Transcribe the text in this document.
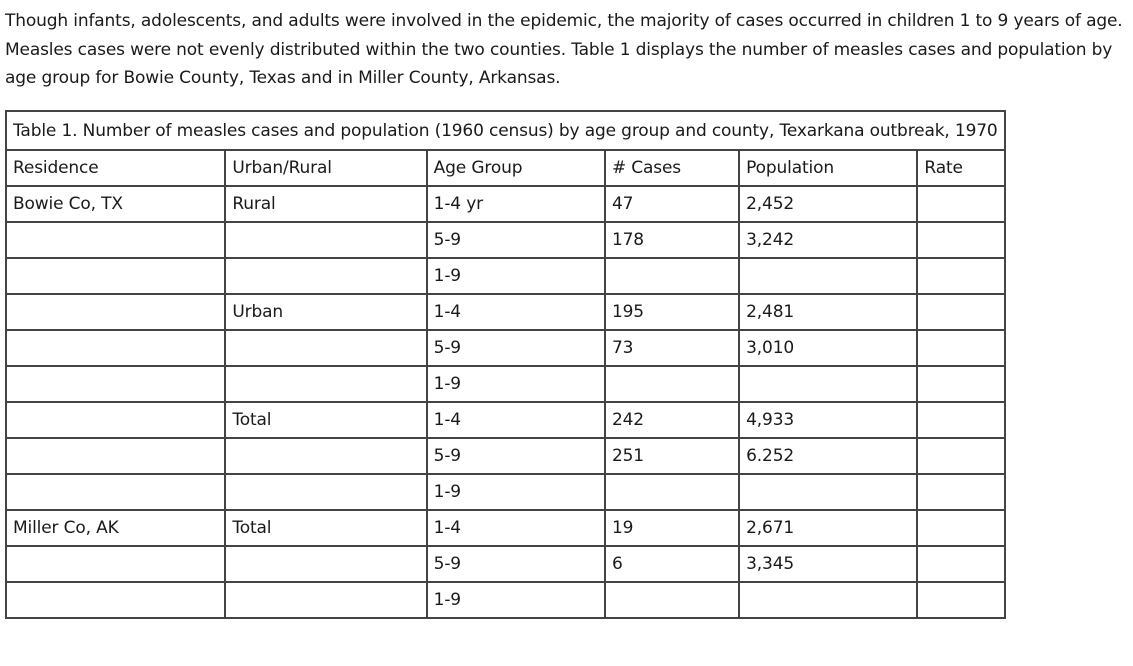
Though infants, adolescents, and adults were involved in the epidemic, the majority of cases occurred in children 1 to 9 years of age.

Measles cases were not evenly distributed within the two counties. Table 1 displays the number of measles cases and population by

age group for Bowie County, Texas and in Miller County, Arkansas.

Table 1. Number of measles cases and population (1960 census) by age group and county, Texarkana outbreak, 1970
Residence	Urban/Rural	Age Group	# Cases	Population	Rate
Bowie Co, TX	Rural	1-4 yr	47	2,452	
		5-9	178	3,242	
		1-9			
	Urban	1-4	195	2,481	
		5-9	73	3,010	
		1-9			
	Total	1-4	242	4,933	
		5-9	251	6.252	
		1-9			
Miller Co, AK	Total	1-4	19	2,671	
		5-9	6	3,345	
		1-9			
